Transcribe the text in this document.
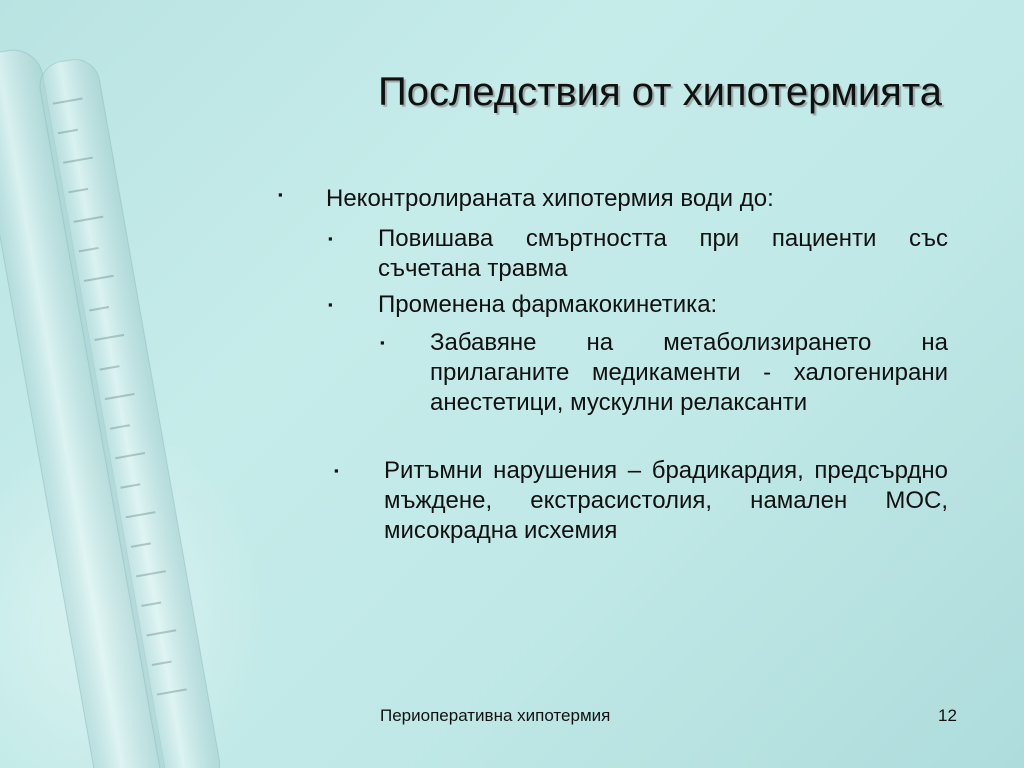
Последствия от хипотермията
▪ Неконтролираната хипотермия води до:
▪ Повишава смъртността при пациенти със съчетана травма
▪ Променена фармакокинетика:
▪ Забавяне на метаболизирането на прилаганите медикаменти - халогенирани анестетици, мускулни релаксанти
▪ Ритъмни нарушения – брадикардия, предсърдно мъждене, екстрасистолия, намален МОС, мисокрадна исхемия
Периоперативна хипотермия	12
